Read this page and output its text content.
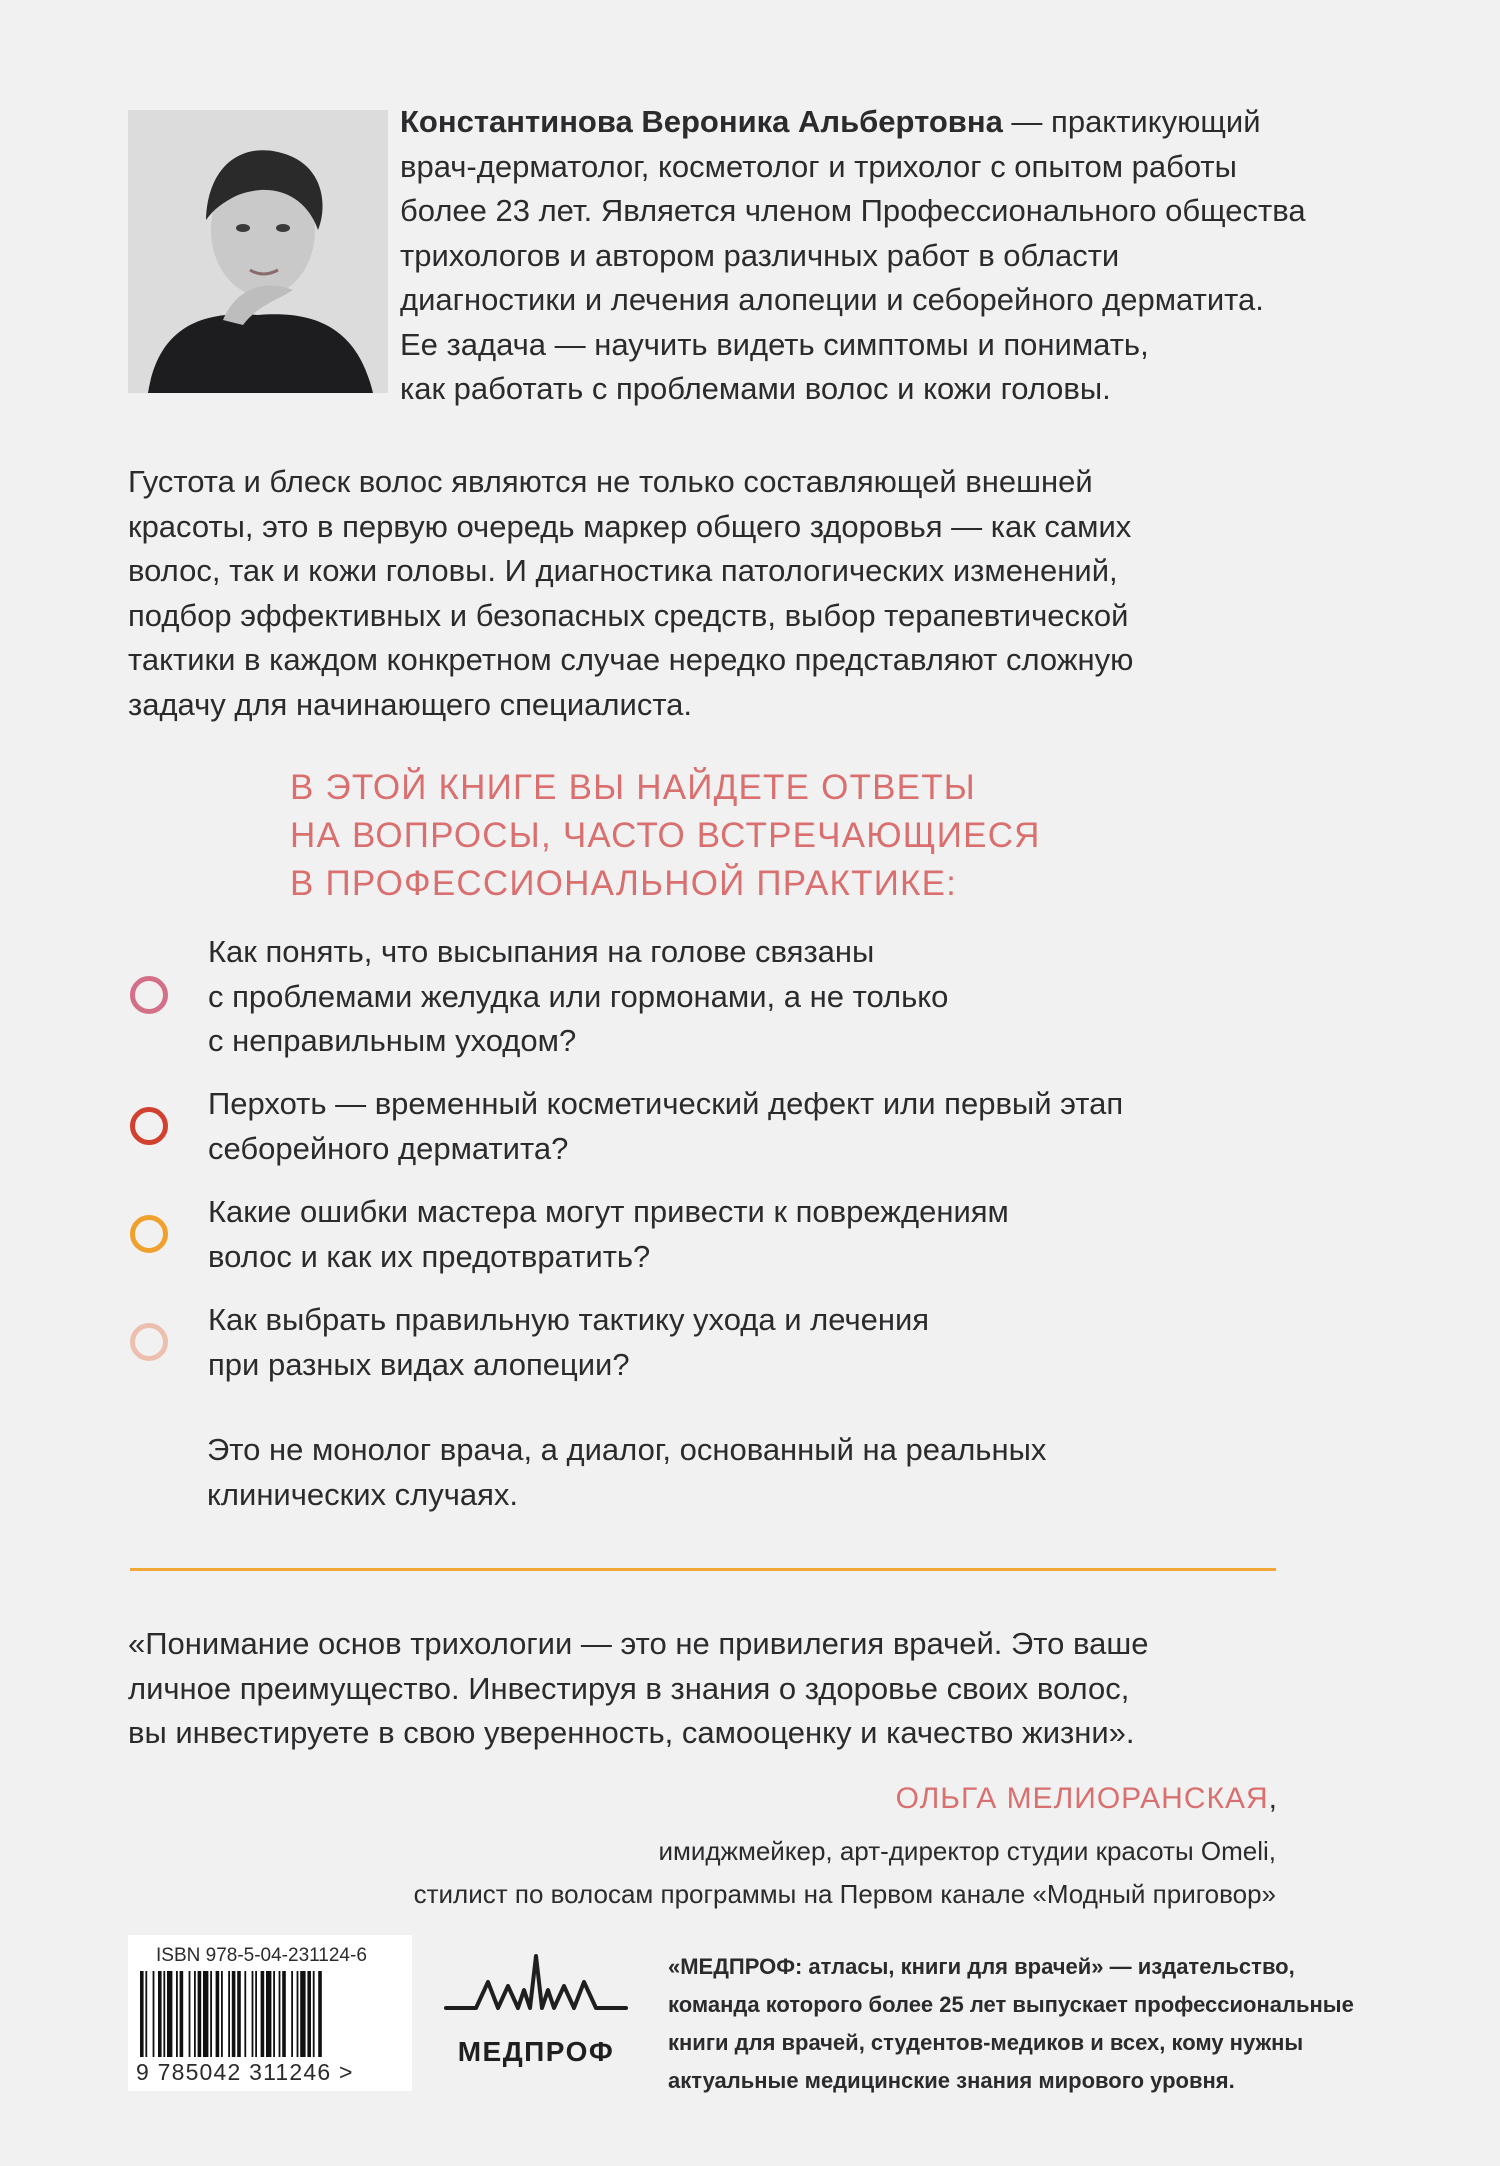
Константинова Вероника Альбертовна — практикующий
врач-дерматолог, косметолог и трихолог с опытом работы
более 23 лет. Является членом Профессионального общества
трихологов и автором различных работ в области
диагностики и лечения алопеции и себорейного дерматита.
Ее задача — научить видеть симптомы и понимать,
как работать с проблемами волос и кожи головы.
Густота и блеск волос являются не только составляющей внешней
красоты, это в первую очередь маркер общего здоровья — как самих
волос, так и кожи головы. И диагностика патологических изменений,
подбор эффективных и безопасных средств, выбор терапевтической
тактики в каждом конкретном случае нередко представляют сложную
задачу для начинающего специалиста.
В ЭТОЙ КНИГЕ ВЫ НАЙДЕТЕ ОТВЕТЫ
НА ВОПРОСЫ, ЧАСТО ВСТРЕЧАЮЩИЕСЯ
В ПРОФЕССИОНАЛЬНОЙ ПРАКТИКЕ:
Как понять, что высыпания на голове связаны
с проблемами желудка или гормонами, а не только
с неправильным уходом?
Перхоть — временный косметический дефект или первый этап
себорейного дерматита?
Какие ошибки мастера могут привести к повреждениям
волос и как их предотвратить?
Как выбрать правильную тактику ухода и лечения
при разных видах алопеции?
Это не монолог врача, а диалог, основанный на реальных
клинических случаях.
«Понимание основ трихологии — это не привилегия врачей. Это ваше
личное преимущество. Инвестируя в знания о здоровье своих волос,
вы инвестируете в свою уверенность, самооценку и качество жизни».
ОЛЬГА МЕЛИОРАНСКАЯ,
имиджмейкер, арт-директор студии красоты Omeli,
стилист по волосам программы на Первом канале «Модный приговор»
ISBN 978-5-04-231124-6
9 785042 311246 >
МЕДПРОФ
«МЕДПРОФ: атласы, книги для врачей» — издательство,
команда которого более 25 лет выпускает профессиональные
книги для врачей, студентов-медиков и всех, кому нужны
актуальные медицинские знания мирового уровня.
